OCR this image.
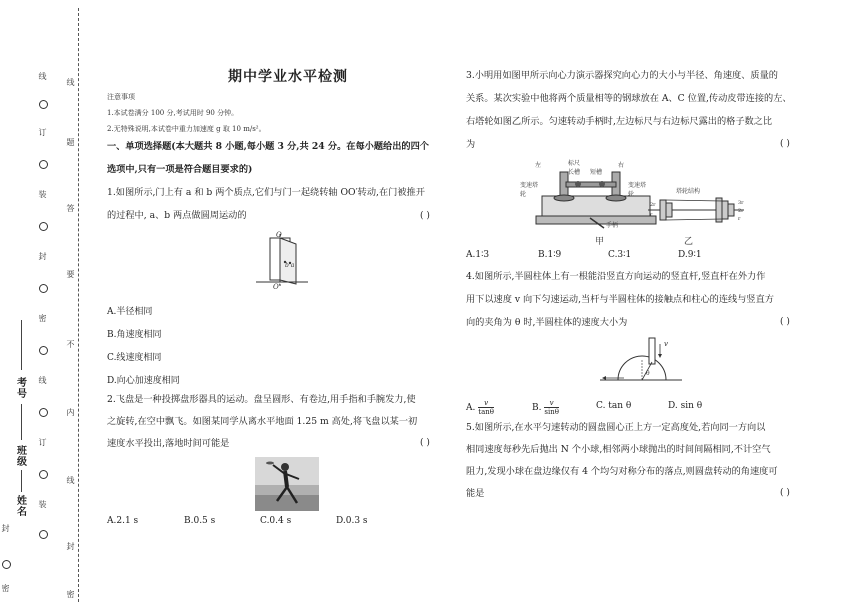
密
封
线
订
装
封
密
线
订
装
线
题
答
要
不
内
线
封
密
考号
班级
姓名
期中学业水平检测
注意事项
1.本试卷满分 100 分,考试用时 90 分钟。
2.无特殊说明,本试卷中重力加速度 g 取 10 m/s²。
一、单项选择题(本大题共 8 小题,每小题 3 分,共 24 分。在每小题给出的四个
选项中,只有一项是符合题目要求的)
1.如图所示,门上有 a 和 b 两个质点,它们与门一起绕转轴 OO′转动,在门被推开
的过程中, a、b 两点做圆周运动的	( )
O
b a
O′
A.半径相同
B.角速度相同
C.线速度相同
D.向心加速度相同
2.飞盘是一种投掷盘形器具的运动。盘呈圆形、有卷边,用手指和手腕发力,使
之旋转,在空中飘飞。如图某同学从离水平地面 1.25 m 高处,将飞盘以某一初
速度水平投出,落地时间可能是	( )
A.2.1 s	B.0.5 s	C.0.4 s	D.0.3 s
3.小明用如图甲所示向心力演示器探究向心力的大小与半径、角速度、质量的
关系。某次实验中他将两个质量相等的钢球放在 A、C 位置,传动皮带连接的左、
右塔轮如图乙所示。匀速转动手柄时,左边标尺与右边标尺露出的格子数之比
为	( )
左	标尺
长槽 短槽
右
变速塔轮
变速塔轮
手柄
甲
塔轮结构
2r
r
3r
2r
r
乙
A.1∶3	B.1∶9	C.3∶1	D.9∶1
4.如图所示,半圆柱体上有一根能沿竖直方向运动的竖直杆,竖直杆在外力作
用下以速度 v 向下匀速运动,当杆与半圆柱体的接触点和柱心的连线与竖直方
向的夹角为 θ 时,半圆柱体的速度大小为	( )
v
θ
A. $\frac{v}{\tan\theta}$	B. $\frac{v}{\sin\theta}$	C. tan θ	D. sin θ
5.如图所示,在水平匀速转动的圆盘圆心正上方一定高度处,若向同一方向以
相同速度每秒先后抛出 N 个小球,相邻两小球抛出的时间间隔相同,不计空气
阻力,发现小球在盘边缘仅有 4 个均匀对称分布的落点,则圆盘转动的角速度可
能是	( )
